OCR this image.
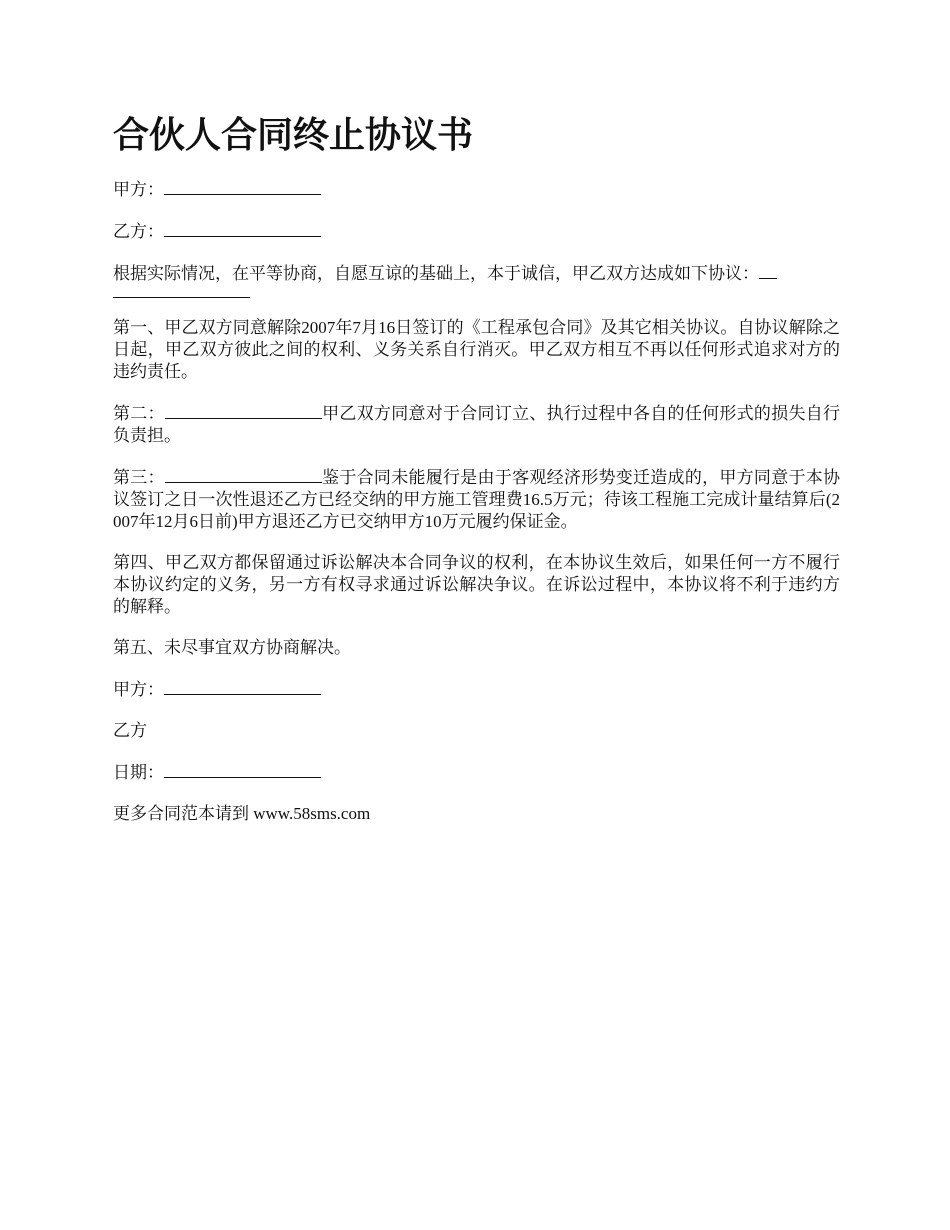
合伙人合同终止协议书

甲方：

乙方：

根据实际情况，在平等协商，自愿互谅的基础上，本于诚信，甲乙双方达成如下协议：

第一、甲乙双方同意解除2007年7月16日签订的《工程承包合同》及其它相关协议。自协议解除之日起，甲乙双方彼此之间的权利、义务关系自行消灭。甲乙双方相互不再以任何形式追求对方的违约责任。

第二：	甲乙双方同意对于合同订立、执行过程中各自的任何形式的损失自行负责担。

第三：	鉴于合同未能履行是由于客观经济形势变迁造成的，甲方同意于本协议签订之日一次性退还乙方已经交纳的甲方施工管理费16.5万元；待该工程施工完成计量结算后(2007年12月6日前)甲方退还乙方已交纳甲方10万元履约保证金。

第四、甲乙双方都保留通过诉讼解决本合同争议的权利，在本协议生效后，如果任何一方不履行本协议约定的义务，另一方有权寻求通过诉讼解决争议。在诉讼过程中，本协议将不利于违约方的解释。

第五、未尽事宜双方协商解决。

甲方：

乙方

日期：

更多合同范本请到 www.58sms.com
